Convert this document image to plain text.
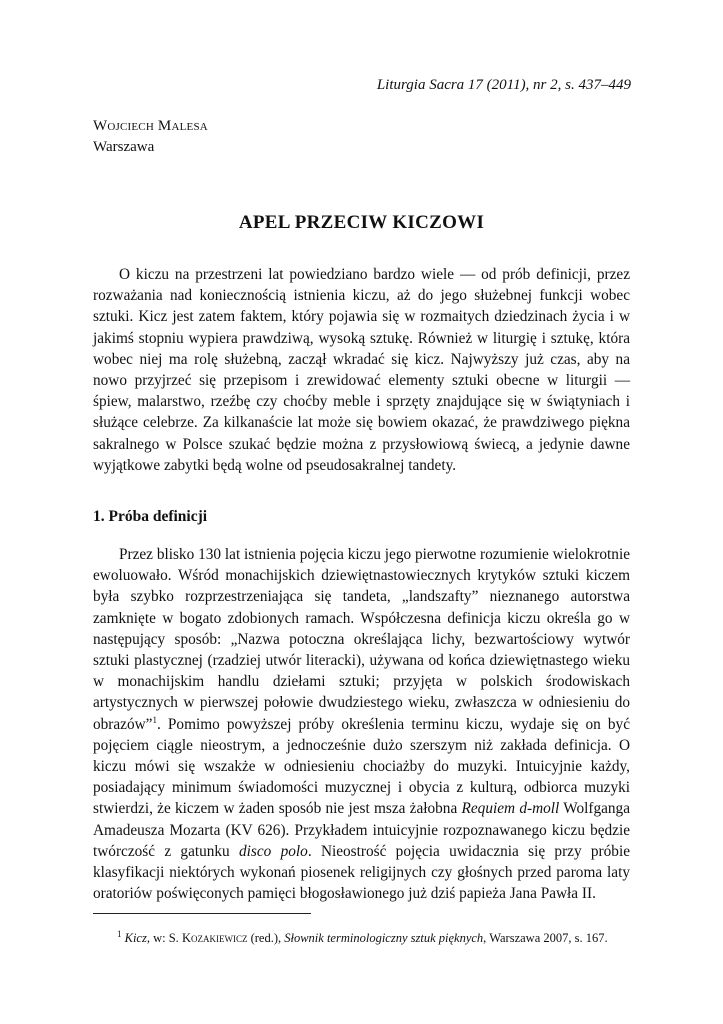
Liturgia Sacra 17 (2011), nr 2, s. 437–449
Wojciech Malesa
Warszawa
APEL PRZECIW KICZOWI

O kiczu na przestrzeni lat powiedziano bardzo wiele — od prób definicji, przez rozważania nad koniecznością istnienia kiczu, aż do jego służebnej funkcji wobec sztuki. Kicz jest zatem faktem, który pojawia się w rozmaitych dziedzinach życia i w jakimś stopniu wypiera prawdziwą, wysoką sztukę. Również w liturgię i sztukę, która wobec niej ma rolę służebną, zaczął wkradać się kicz. Najwyższy już czas, aby na nowo przyjrzeć się przepisom i zrewidować elementy sztuki obecne w liturgii — śpiew, malarstwo, rzeźbę czy choćby meble i sprzęty znajdujące się w świątyniach i służące celebrze. Za kilkanaście lat może się bowiem okazać, że prawdziwego piękna sakralnego w Polsce szukać będzie można z przysłowiową świecą, a jedynie dawne wyjątkowe zabytki będą wolne od pseudosakralnej tandety.

1. Próba definicji

Przez blisko 130 lat istnienia pojęcia kiczu jego pierwotne rozumienie wielokrotnie ewoluowało. Wśród monachijskich dziewiętnastowiecznych krytyków sztuki kiczem była szybko rozprzestrzeniająca się tandeta, „landszafty” nieznanego autorstwa zamknięte w bogato zdobionych ramach. Współczesna definicja kiczu określa go w następujący sposób: „Nazwa potoczna określająca lichy, bezwartościowy wytwór sztuki plastycznej (rzadziej utwór literacki), używana od końca dziewiętnastego wieku w monachijskim handlu dziełami sztuki; przyjęta w polskich środowiskach artystycznych w pierwszej połowie dwudziestego wieku, zwłaszcza w odniesieniu do obrazów”$^1$. Pomimo powyższej próby określenia terminu kiczu, wydaje się on być pojęciem ciągle nieostrym, a jednocześnie dużo szerszym niż zakłada definicja. O kiczu mówi się wszakże w odniesieniu chociażby do muzyki. Intuicyjnie każdy, posiadający minimum świadomości muzycznej i obycia z kulturą, odbiorca muzyki stwierdzi, że kiczem w żaden sposób nie jest msza żałobna Requiem d-moll Wolfganga Amadeusza Mozarta (KV 626). Przykładem intuicyjnie rozpoznawanego kiczu będzie twórczość z gatunku disco polo. Nieostrość pojęcia uwidacznia się przy próbie klasyfikacji niektórych wykonań piosenek religijnych czy głośnych przed paroma laty oratoriów poświęconych pamięci błogosławionego już dziś papieża Jana Pawła II.

$^1$ Kicz, w: S. Kozakiewicz (red.), Słownik terminologiczny sztuk pięknych, Warszawa 2007, s. 167.
